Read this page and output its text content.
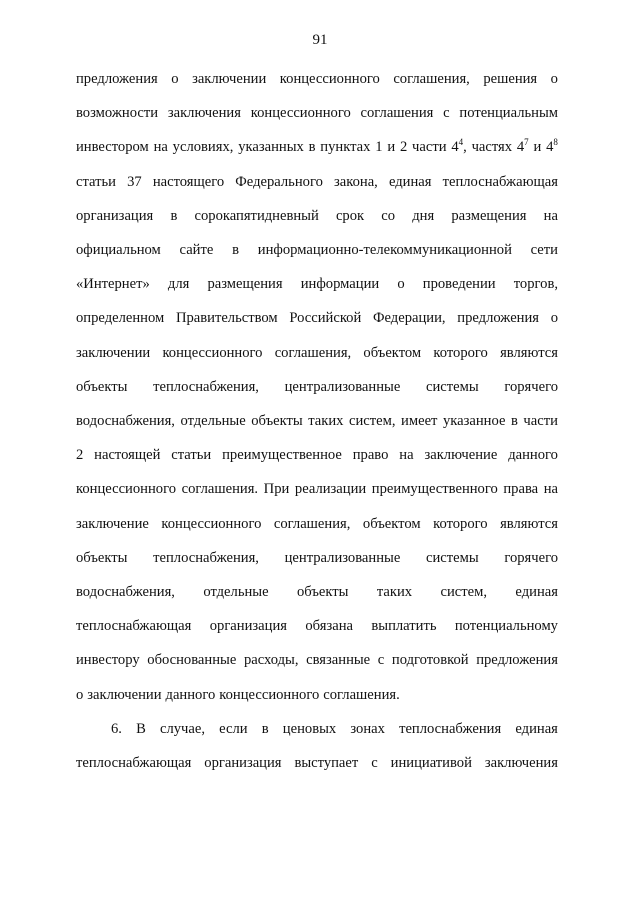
91
предложения о заключении концессионного соглашения, решения о
возможности заключения концессионного соглашения с потенциальным
инвестором на условиях, указанных в пунктах 1 и 2 части $4^4$, частях $4^7$ и $4^8$
статьи 37 настоящего Федерального закона, единая теплоснабжающая
организация в сорокапятидневный срок со дня размещения на
официальном сайте в информационно-телекоммуникационной сети
«Интернет» для размещения информации о проведении торгов,
определенном Правительством Российской Федерации, предложения о
заключении концессионного соглашения, объектом которого являются
объекты теплоснабжения, централизованные системы горячего
водоснабжения, отдельные объекты таких систем, имеет указанное в части
2 настоящей статьи преимущественное право на заключение данного
концессионного соглашения. При реализации преимущественного права на
заключение концессионного соглашения, объектом которого являются
объекты теплоснабжения, централизованные системы горячего
водоснабжения, отдельные объекты таких систем, единая
теплоснабжающая организация обязана выплатить потенциальному
инвестору обоснованные расходы, связанные с подготовкой предложения
о заключении данного концессионного соглашения.
6. В случае, если в ценовых зонах теплоснабжения единая
теплоснабжающая организация выступает с инициативой заключения
